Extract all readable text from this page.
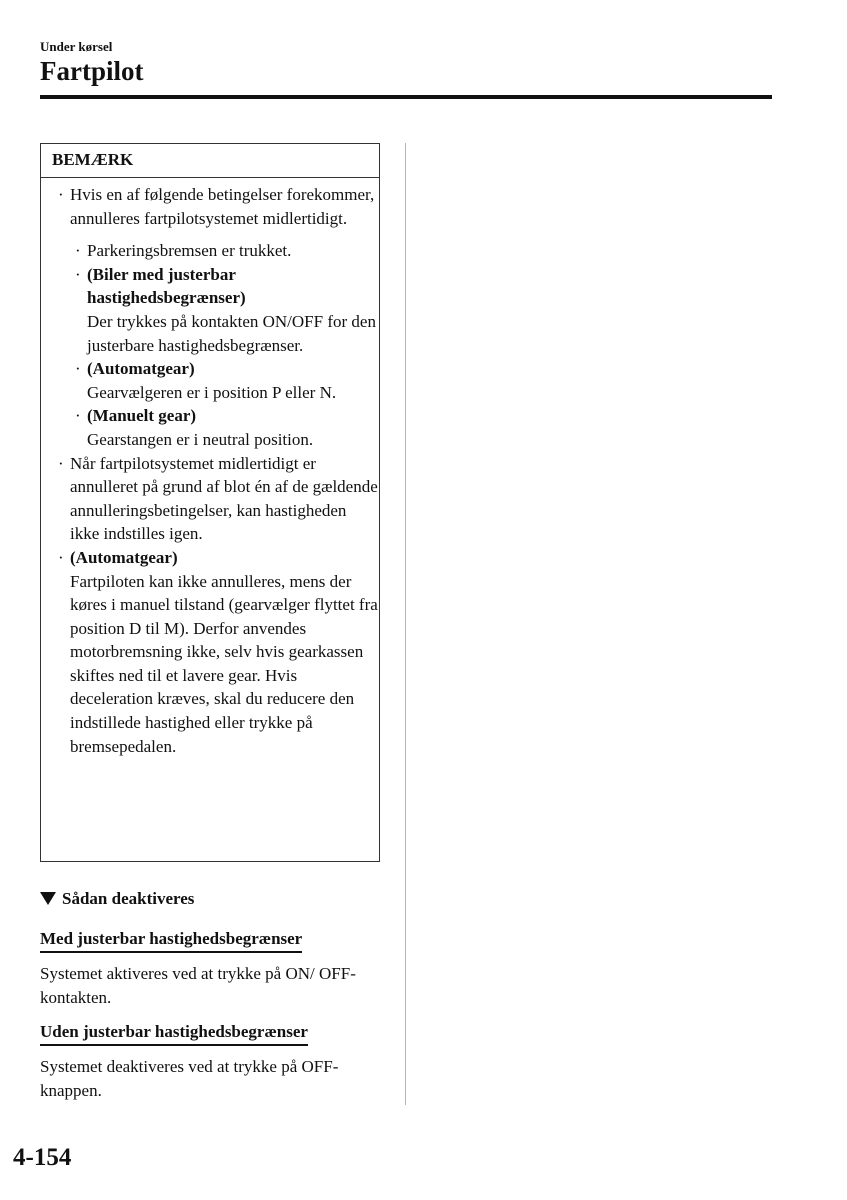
Under kørsel
Fartpilot
BEMÆRK
· Hvis en af følgende betingelser forekommer, annulleres fartpilotsystemet midlertidigt.
· Parkeringsbremsen er trukket.
· (Biler med justerbar hastighedsbegrænser)
Der trykkes på kontakten ON/OFF for den justerbare hastighedsbegrænser.
· (Automatgear)
Gearvælgeren er i position P eller N.
· (Manuelt gear)
Gearstangen er i neutral position.
· Når fartpilotsystemet midlertidigt er annulleret på grund af blot én af de gældende annulleringsbetingelser, kan hastigheden ikke indstilles igen.
· (Automatgear)
Fartpiloten kan ikke annulleres, mens der køres i manuel tilstand (gearvælger flyttet fra position D til M). Derfor anvendes motorbremsning ikke, selv hvis gearkassen skiftes ned til et lavere gear. Hvis deceleration kræves, skal du reducere den indstillede hastighed eller trykke på bremsepedalen.
Sådan deaktiveres
Med justerbar hastighedsbegrænser
Systemet aktiveres ved at trykke på ON/ OFF-kontakten.
Uden justerbar hastighedsbegrænser
Systemet deaktiveres ved at trykke på OFF-knappen.
4-154
